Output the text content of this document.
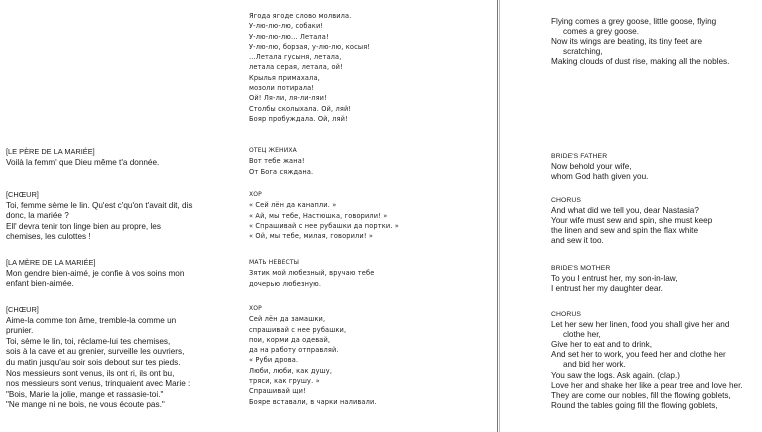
[LE PÈRE DE LA MARIÉE]
Voilà la femm' que Dieu même t'a donnée.
[CHŒUR]
Toi, femme sème le lin. Qu'est c'qu'on t'avait dit, dis
donc, la mariée ?
Ell' devra tenir ton linge bien au propre, les
chemises, les culottes !
[LA MÈRE DE LA MARIÉE]
Mon gendre bien-aimé, je confie à vos soins mon
enfant bien-aimée.
[CHŒUR]
Aime-la comme ton âme, tremble-la comme un
prunier.
Toi, sème le lin, toi, réclame-lui tes chemises,
sois à la cave et au grenier, surveille les ouvriers,
du matin jusqu'au soir sois debout sur tes pieds.
Nos messieurs sont venus, ils ont ri, ils ont bu,
nos messieurs sont venus, trinquaient avec Marie :
"Bois, Marie la jolie, mange et rassasie-toi."
"Ne mange ni ne bois, ne vous écoute pas."
Ягода ягоде слово молвила.
У-лю-лю-лю, собаки!
У-лю-лю-лю... Летала!
У-лю-лю, борзая, у-лю-лю, косыя!
...Летала гусыня, летала,
летала серая, летала, ой!
Крылья примахала,
мозоли потирала!
Ой! Ля-ли, ля-ли-ляи!
Столбы сколыхала. Ой, ляй!
Бояр пробуждала. Ой, ляй!
ОТЕЦ ЖЕНИХА
Вот тебе жана!
От Бога сяждана.
ХОР
« Сей лён да канапли. »
« Ай, мы тебе, Настюшка, говорили! »
« Спрашивай с нее рубашки да портки. »
« Ой, мы тебе, милая, говорили! »
МАТЬ НЕВЕСТЫ
Зятик мой любезный, вручаю тебе
дочерью любезную.
ХОР
Сей лён да замашки,
спрашивай с нее рубашки,
пои, корми да одевай,
да на работу отправляй.
« Руби дрова.
Люби, люби, как душу,
тряси, как грушу. »
Спрашивай щи!
Бояре вставали, в чарки наливали.
Flying comes a grey goose, little goose, flying
comes a grey goose.
Now its wings are beating, its tiny feet are
scratching,
Making clouds of dust rise, making all the nobles.
BRIDE'S FATHER
Now behold your wife,
whom God hath given you.
CHORUS
And what did we tell you, dear Nastasia?
Your wife must sew and spin, she must keep
the linen and sew and spin the flax white
and sew it too.
BRIDE'S MOTHER
To you I entrust her, my son-in-law,
I entrust her my daughter dear.
CHORUS
Let her sew her linen, food you shall give her and
clothe her,
Give her to eat and to drink,
And set her to work, you feed her and clothe her
and bid her work.
You saw the logs. Ask again. (clap.)
Love her and shake her like a pear tree and love her.
They are come our nobles, fill the flowing goblets,
Round the tables going fill the flowing goblets,
